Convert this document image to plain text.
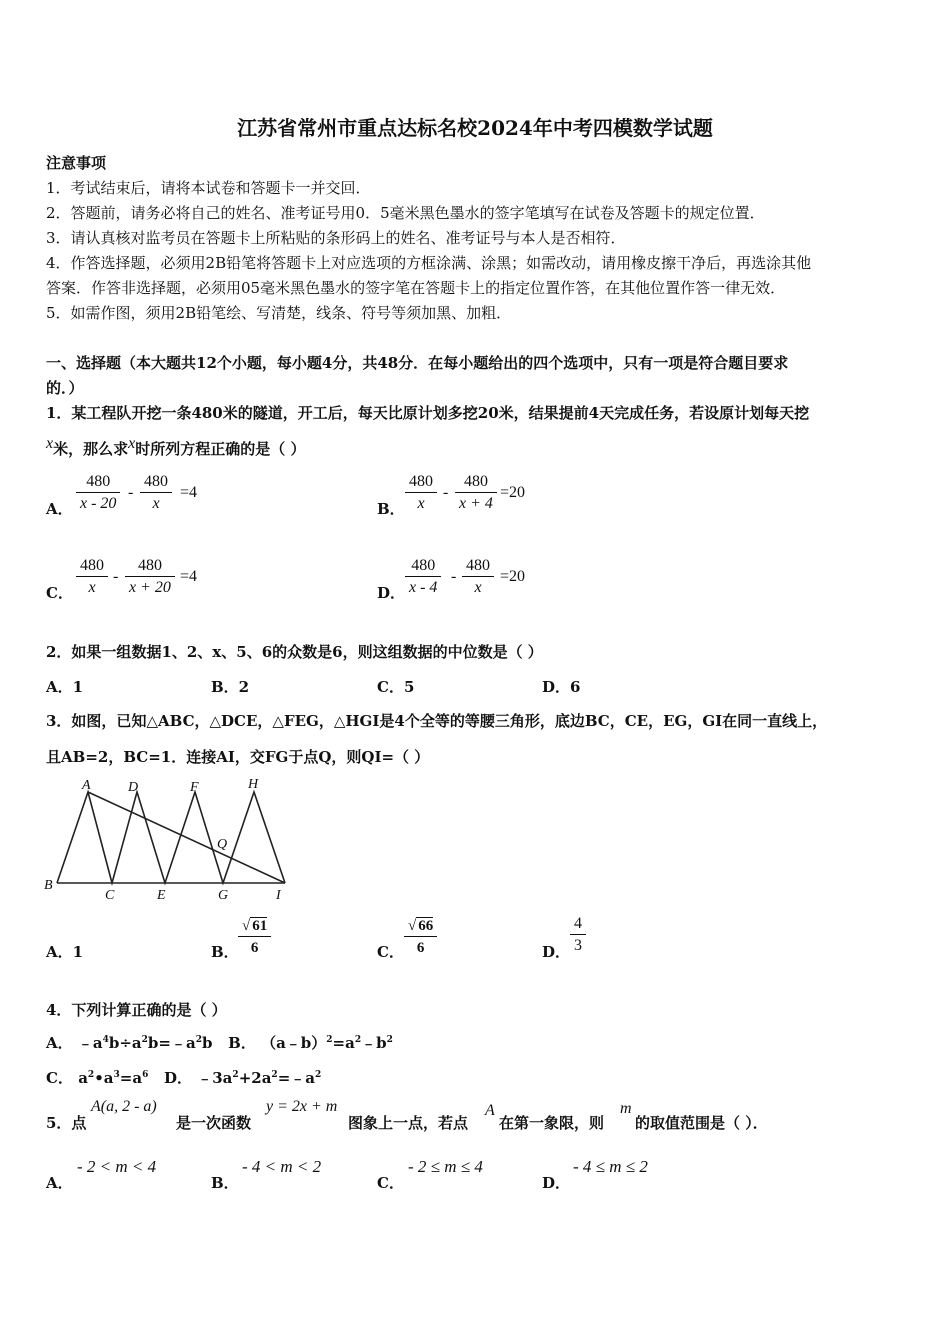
江苏省常州市重点达标名校2024年中考四模数学试题
注意事项
1．考试结束后，请将本试卷和答题卡一并交回．
2．答题前，请务必将自己的姓名、准考证号用0．5毫米黑色墨水的签字笔填写在试卷及答题卡的规定位置．
3．请认真核对监考员在答题卡上所粘贴的条形码上的姓名、准考证号与本人是否相符．
4．作答选择题，必须用2B铅笔将答题卡上对应选项的方框涂满、涂黑；如需改动，请用橡皮擦干净后，再选涂其他
答案．作答非选择题，必须用05毫米黑色墨水的签字笔在答题卡上的指定位置作答，在其他位置作答一律无效．
5．如需作图，须用2B铅笔绘、写清楚，线条、符号等须加黑、加粗．
一、选择题（本大题共12个小题，每小题4分，共48分．在每小题给出的四个选项中，只有一项是符合题目要求
的．）
1．某工程队开挖一条480米的隧道，开工后，每天比原计划多挖20米，结果提前4天完成任务，若设原计划每天挖
x米，那么求x时所列方程正确的是（ ）
A． $\frac{480}{x - 20} - \frac{480}{x} =4$
B． $\frac{480}{x} - \frac{480}{x + 4} =20$
C． $\frac{480}{x} - \frac{480}{x + 20} =4$
D． $\frac{480}{x - 4} - \frac{480}{x} =20$
2．如果一组数据1、2、x、5、6的众数是6，则这组数据的中位数是（ ）
A．1	B．2	C．5	D．6
3．如图，已知△ABC，△DCE，△FEG，△HGI是4个全等的等腰三角形，底边BC，CE，EG，GI在同一直线上，
且AB=2，BC=1．连接AI，交FG于点Q，则QI=（ ）
A	D	F	H
Q
B
C	E	G	I
A．1	B． $\frac{√ 61}{6}$	C． $\frac{√ 66}{6}$	D． $\frac{4}{3}$
4．下列计算正确的是（ ）
A． $﹣a^4b\div a^2b=﹣a^2b$ B． $(a﹣b)^2=a^2﹣b^2$
C． $a^2•a^3=a^6$ D． $﹣3a^2+2a^2=﹣a^2$
5．点
A(a, 2 - a)
是一次函数
y = 2x + m
图象上一点，若点
A
在第一象限，则
m
的取值范围是（ ）．
A．
- 2 < m < 4
B．
- 4 < m < 2
C．
- 2 ≤ m ≤ 4
D．
- 4 ≤ m ≤ 2
